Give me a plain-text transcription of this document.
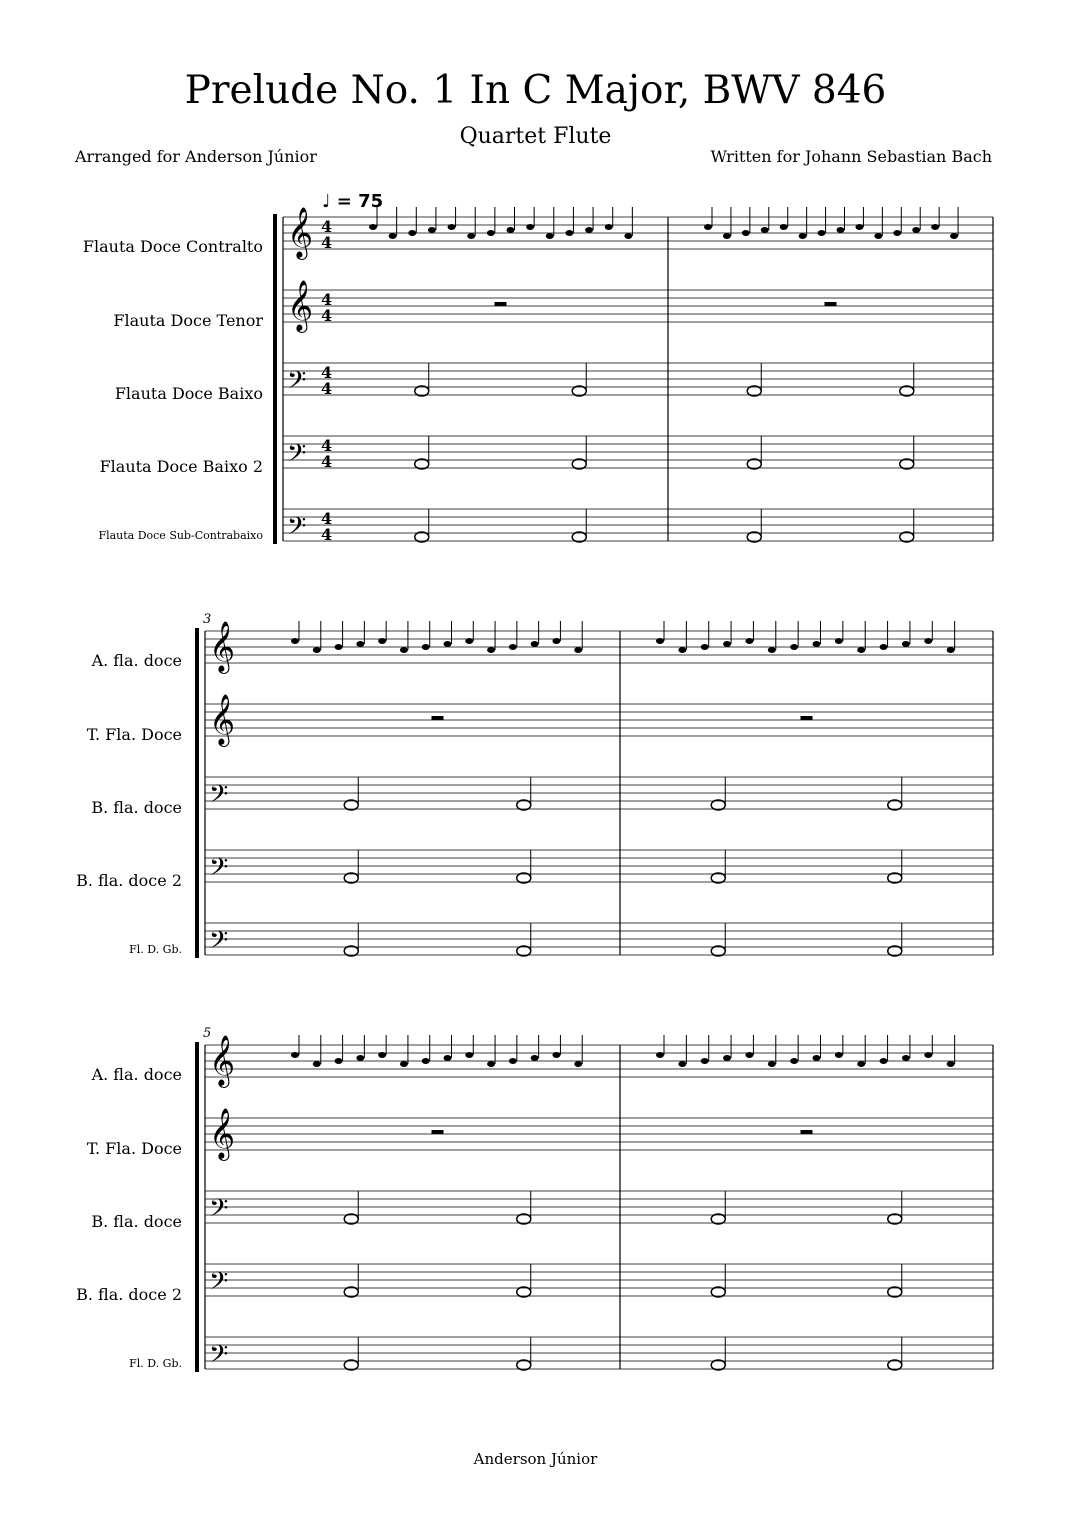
Prelude No. 1 In C Major, BWV 846
Quartet Flute
Arranged for Anderson Júnior	Written for Johann Sebastian Bach
♩ = 75
Flauta Doce Contralto
Flauta Doce Tenor
Flauta Doce Baixo
Flauta Doce Baixo 2
Flauta Doce Sub-Contrabaixo
A. fla. doce
T. Fla. Doce
B. fla. doce
B. fla. doce 2
Fl. D. Gb.
A. fla. doce
T. Fla. Doce
B. fla. doce
B. fla. doce 2
Fl. D. Gb.
3
5
𝄞 4
4
𝄞 4
4
𝄢 4
4
𝄢 4
4
𝄢 4
4
𝄞
𝄞
𝄢
𝄢
𝄢
𝄞
𝄞
𝄢
𝄢
𝄢
Anderson Júnior
